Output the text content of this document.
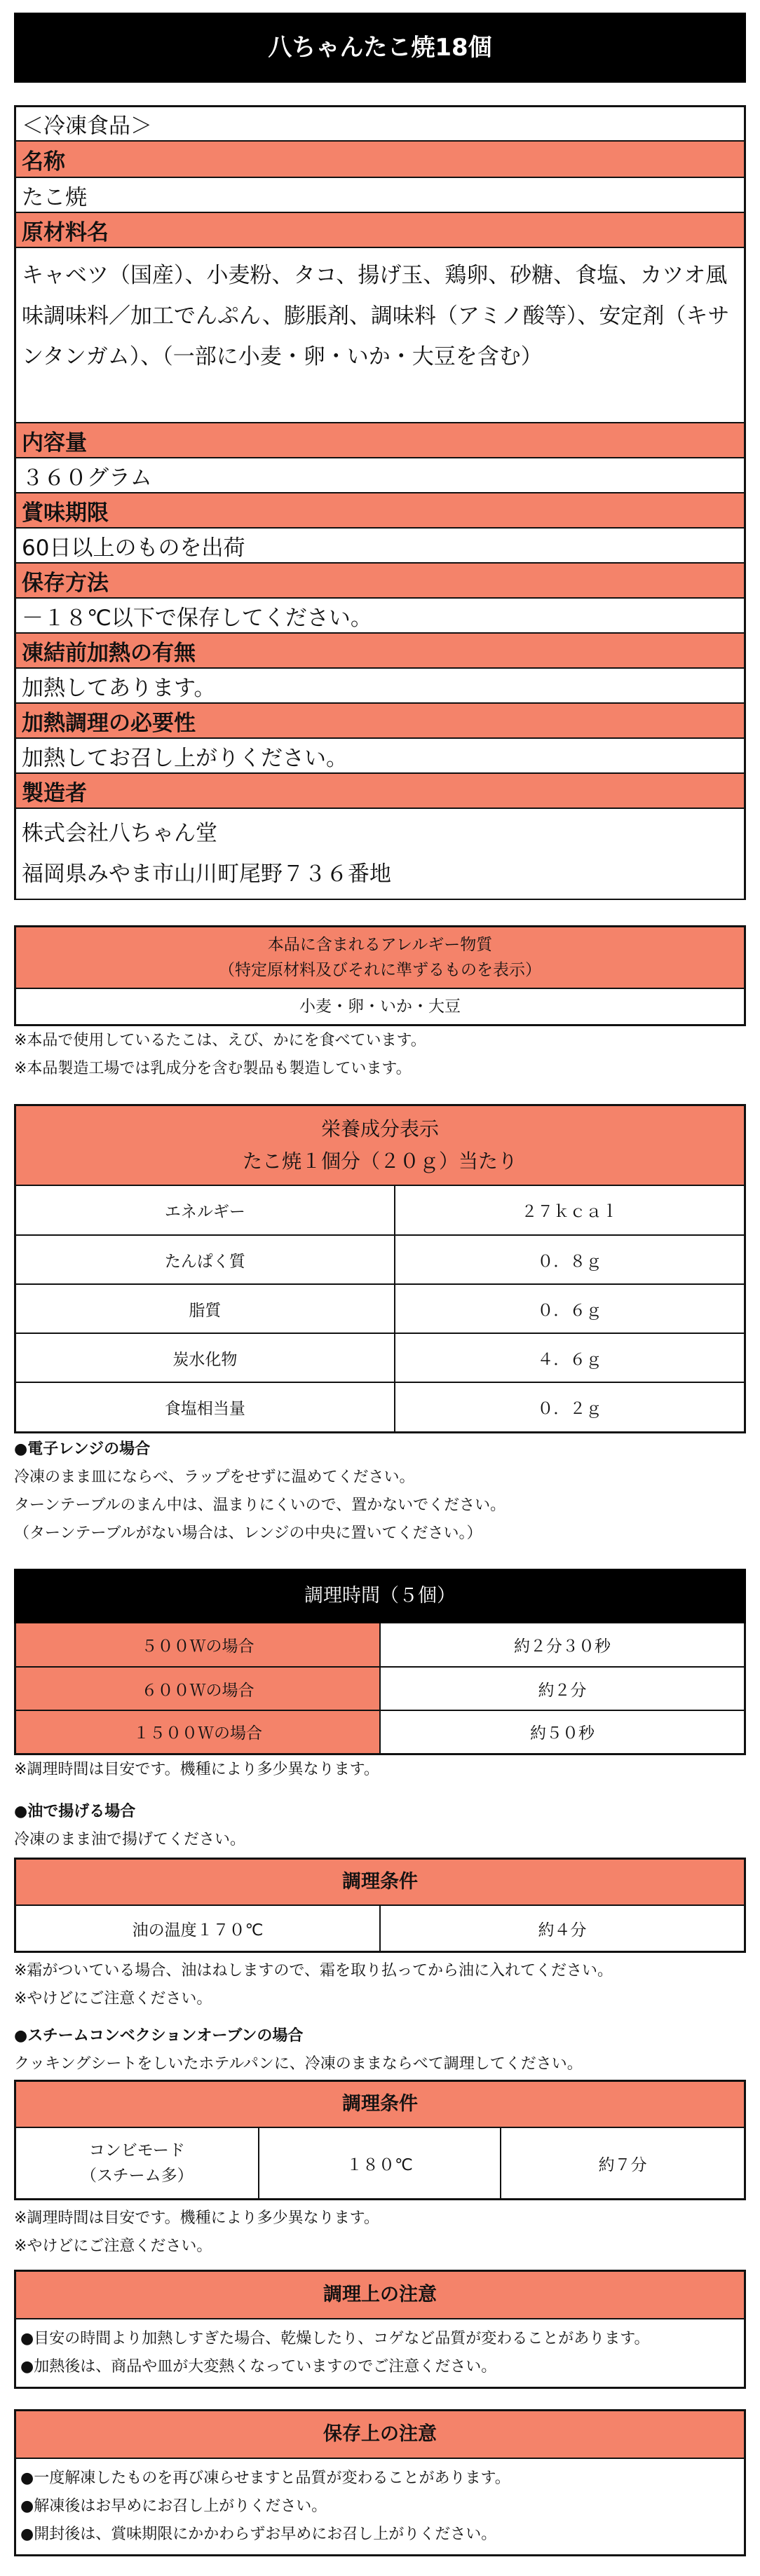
八ちゃんたこ焼18個
＜冷凍食品＞
名称
たこ焼
原材料名
キャベツ（国産）、小麦粉、タコ、揚げ玉、鶏卵、砂糖、食塩、カツオ風味調味料／加工でんぷん、膨脹剤、調味料（アミノ酸等）、安定剤（キサンタンガム）、（一部に小麦・卵・いか・大豆を含む）
内容量
３６０グラム
賞味期限
60日以上のものを出荷
保存方法
－１８℃以下で保存してください。
凍結前加熱の有無
加熱してあります。
加熱調理の必要性
加熱してお召し上がりください。
製造者
株式会社八ちゃん堂
福岡県みやま市山川町尾野７３６番地
本品に含まれるアレルギー物質
（特定原材料及びそれに準ずるものを表示）
小麦・卵・いか・大豆
※本品で使用しているたこは、えび、かにを食べています。
※本品製造工場では乳成分を含む製品も製造しています。
栄養成分表示
たこ焼１個分（２０ｇ）当たり
エネルギー	２７ｋｃａｌ
たんぱく質	０．８ｇ
脂質	０．６ｇ
炭水化物	４．６ｇ
食塩相当量	０．２ｇ
●電子レンジの場合
冷凍のまま皿にならべ、ラップをせずに温めてください。
ターンテーブルのまん中は、温まりにくいので、置かないでください。
（ターンテーブルがない場合は、レンジの中央に置いてください。）
調理時間（５個）
５００Ｗの場合	約２分３０秒
６００Ｗの場合	約２分
１５００Ｗの場合	約５０秒
※調理時間は目安です。機種により多少異なります。
●油で揚げる場合
冷凍のまま油で揚げてください。
調理条件
油の温度１７０℃	約４分
※霜がついている場合、油はねしますので、霜を取り払ってから油に入れてください。
※やけどにご注意ください。
●スチームコンベクションオーブンの場合
クッキングシートをしいたホテルパンに、冷凍のままならべて調理してください。
調理条件
コンビモード
（スチーム多）
	１８０℃	約７分
※調理時間は目安です。機種により多少異なります。
※やけどにご注意ください。
調理上の注意
●目安の時間より加熱しすぎた場合、乾燥したり、コゲなど品質が変わることがあります。
●加熱後は、商品や皿が大変熱くなっていますのでご注意ください。
保存上の注意
●一度解凍したものを再び凍らせますと品質が変わることがあります。
●解凍後はお早めにお召し上がりください。
●開封後は、賞味期限にかかわらずお早めにお召し上がりください。
